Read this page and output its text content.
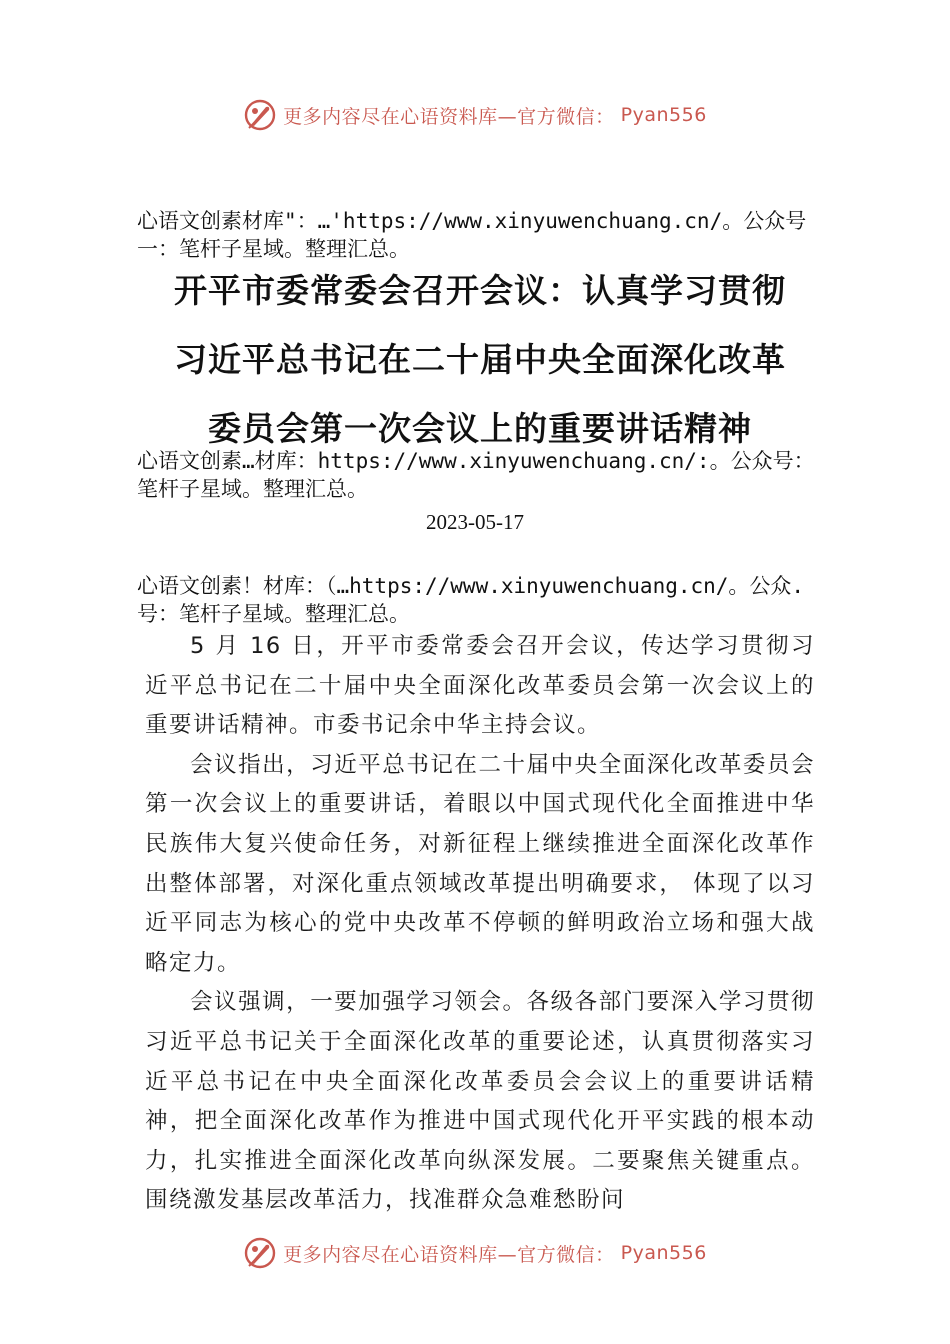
更多内容尽在心语资料库—官方微信： Pyan556
心语文创素材库"：…'https://www.xinyuwenchuang.cn/。公众号一：笔杆子星域。整理汇总。
开平市委常委会召开会议：认真学习贯彻
习近平总书记在二十届中央全面深化改革
委员会第一次会议上的重要讲话精神
心语文创素…材库：https://www.xinyuwenchuang.cn/:。公众号：笔杆子星域。整理汇总。
2023-05-17
心语文创素！材库：（…https://www.xinyuwenchuang.cn/。公众.号：笔杆子星域。整理汇总。

5 月 16 日，开平市委常委会召开会议，传达学习贯彻习近平总书记在二十届中央全面深化改革委员会第一次会议上的重要讲话精神。市委书记余中华主持会议。

会议指出，习近平总书记在二十届中央全面深化改革委员会第一次会议上的重要讲话，着眼以中国式现代化全面推进中华民族伟大复兴使命任务，对新征程上继续推进全面深化改革作出整体部署，对深化重点领域改革提出明确要求， 体现了以习近平同志为核心的党中央改革不停顿的鲜明政治立场和强大战略定力。

会议强调，一要加强学习领会。各级各部门要深入学习贯彻习近平总书记关于全面深化改革的重要论述，认真贯彻落实习近平总书记在中央全面深化改革委员会会议上的重要讲话精神，把全面深化改革作为推进中国式现代化开平实践的根本动力，扎实推进全面深化改革向纵深发展。二要聚焦关键重点。围绕激发基层改革活力，找准群众急难愁盼问

更多内容尽在心语资料库—官方微信： Pyan556
